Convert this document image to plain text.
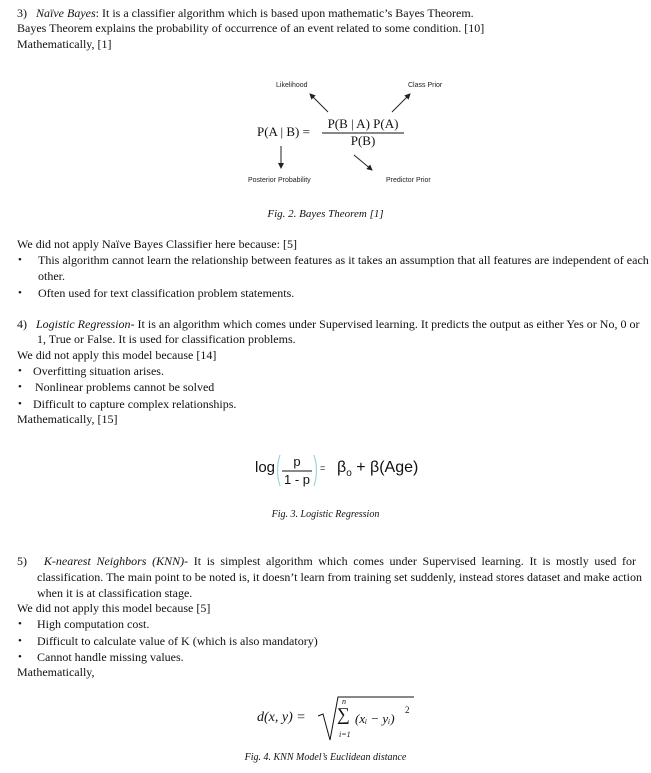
3) Naïve Bayes: It is a classifier algorithm which is based upon mathematic’s Bayes Theorem.
Bayes Theorem explains the probability of occurrence of an event related to some condition. [10]
Mathematically, [1]
Likelihood	Class Prior
P(A | B) =
P(B | A) P(A)
P(B)
Posterior Probability	Predictor Prior
Fig. 2. Bayes Theorem [1]
We did not apply Naïve Bayes Classifier here because: [5]
• This algorithm cannot learn the relationship between features as it takes an assumption that all features are independent of each
other.
• Often used for text classification problem statements.
4) Logistic Regression- It is an algorithm which comes under Supervised learning. It predicts the output as either Yes or No, 0 or
1, True or False. It is used for classification problems.
We did not apply this model because [14]
• Overfitting situation arises.
• Nonlinear problems cannot be solved
• Difficult to capture complex relationships.
Mathematically, [15]
log	p
1 - p
= $\beta_o + \beta(Age)$
Fig. 3. Logistic Regression
5) K-nearest Neighbors (KNN)- It is simplest algorithm which comes under Supervised learning. It is mostly used for
classification. The main point to be noted is, it doesn’t learn from training set suddenly, instead stores dataset and make action
when it is at classification stage.
We did not apply this model because [5]
• High computation cost.
• Difficult to calculate value of K (which is also mandatory)
• Cannot handle missing values.
Mathematically,
d(x, y) =
n
∑
i=1
(xᵢ − yᵢ)
2
Fig. 4. KNN Model’s Euclidean distance
